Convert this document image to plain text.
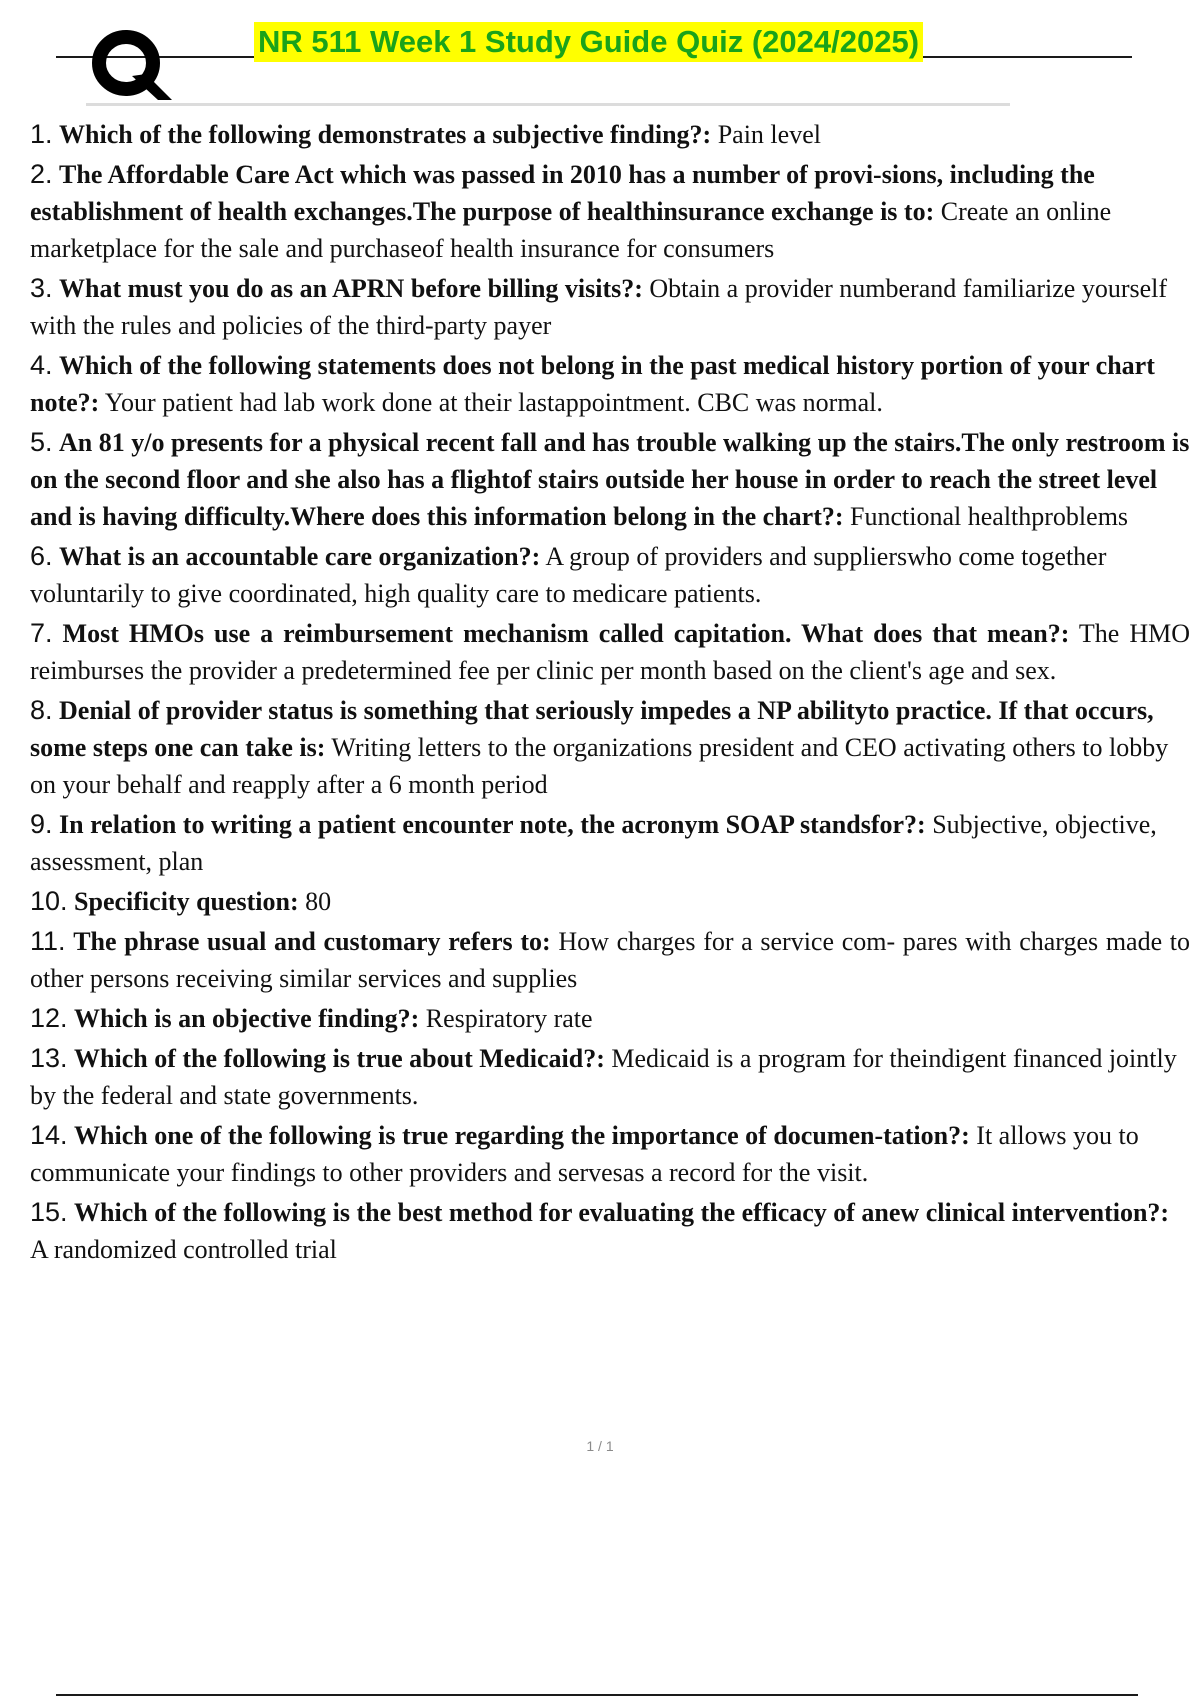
NR 511 Week 1 Study Guide Quiz (2024/2025)
1. Which of the following demonstrates a subjective finding?: Pain level
2. The Affordable Care Act which was passed in 2010 has a number of provi-sions, including the establishment of health exchanges.The purpose of healthinsurance exchange is to: Create an online marketplace for the sale and purchaseof health insurance for consumers
3. What must you do as an APRN before billing visits?: Obtain a provider numberand familiarize yourself with the rules and policies of the third-party payer
4. Which of the following statements does not belong in the past medical history portion of your chart note?: Your patient had lab work done at their lastappointment. CBC was normal.
5. An 81 y/o presents for a physical recent fall and has trouble walking up the stairs.The only restroom is on the second floor and she also has a flightof stairs outside her house in order to reach the street level and is having difficulty.Where does this information belong in the chart?: Functional healthproblems
6. What is an accountable care organization?: A group of providers and supplierswho come together voluntarily to give coordinated, high quality care to medicare patients.
7. Most HMOs use a reimbursement mechanism called capitation. What does that mean?: The HMO reimburses the provider a predetermined fee per clinic per month based on the client's age and sex.
8. Denial of provider status is something that seriously impedes a NP abilityto practice. If that occurs, some steps one can take is: Writing letters to the organizations president and CEO activating others to lobby on your behalf and reapply after a 6 month period
9. In relation to writing a patient encounter note, the acronym SOAP standsfor?: Subjective, objective, assessment, plan
10. Specificity question: 80
11. The phrase usual and customary refers to: How charges for a service com- pares with charges made to other persons receiving similar services and supplies
12. Which is an objective finding?: Respiratory rate
13. Which of the following is true about Medicaid?: Medicaid is a program for theindigent financed jointly by the federal and state governments.
14. Which one of the following is true regarding the importance of documen-tation?: It allows you to communicate your findings to other providers and servesas a record for the visit.
15. Which of the following is the best method for evaluating the efficacy of anew clinical intervention?: A randomized controlled trial
1 / 1
